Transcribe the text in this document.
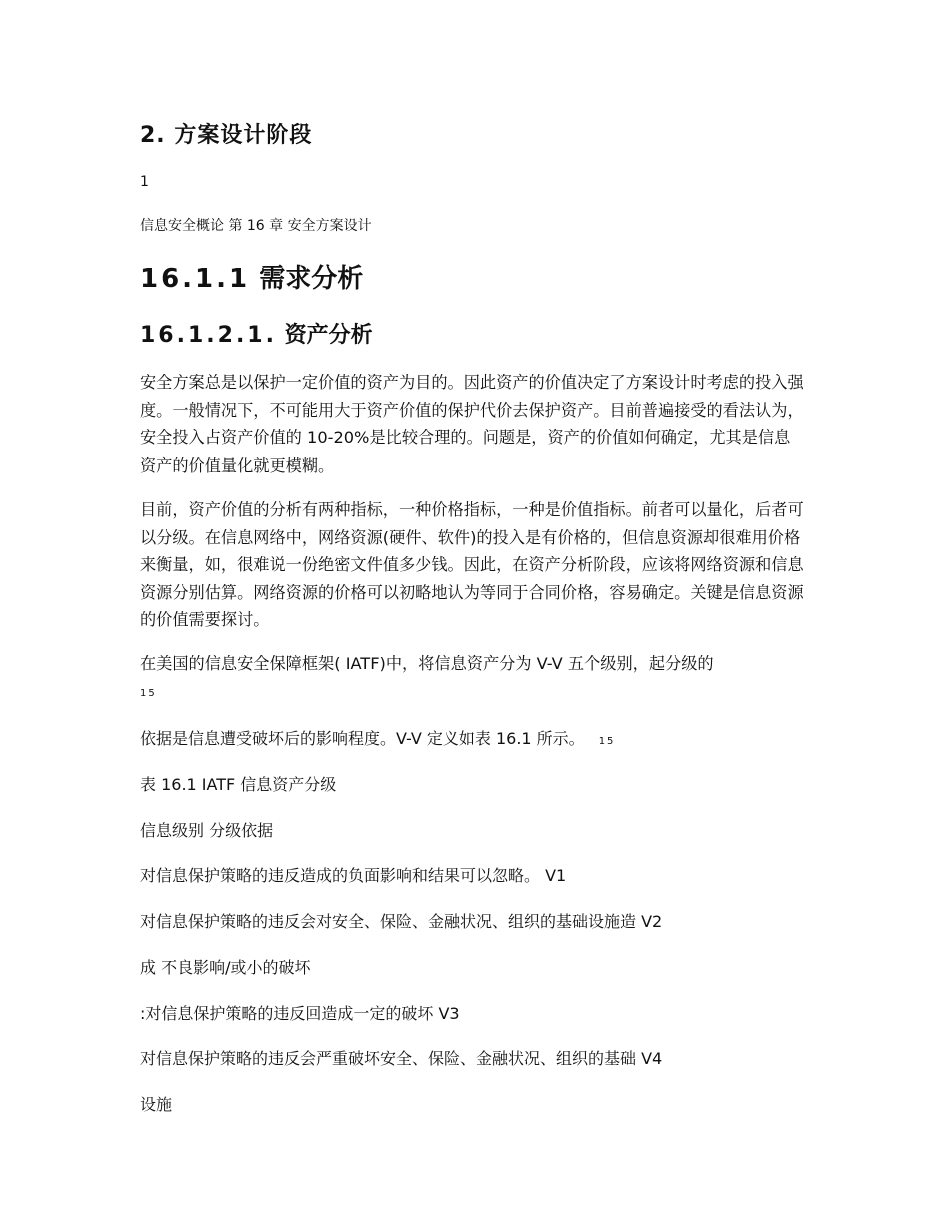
2. 方案设计阶段
1
信息安全概论 第 16 章 安全方案设计
16.1.1 需求分析
16.1.2.1. 资产分析

安全方案总是以保护一定价值的资产为目的。因此资产的价值决定了方案设计时考虑的投入强度。一般情况下，不可能用大于资产价值的保护代价去保护资产。目前普遍接受的看法认为，安全投入占资产价值的 10-20%是比较合理的。问题是，资产的价值如何确定，尤其是信息资产的价值量化就更模糊。

目前，资产价值的分析有两种指标，一种价格指标，一种是价值指标。前者可以量化，后者可以分级。在信息网络中，网络资源(硬件、软件)的投入是有价格的，但信息资源却很难用价格来衡量，如，很难说一份绝密文件值多少钱。因此，在资产分析阶段，应该将网络资源和信息资源分别估算。网络资源的价格可以初略地认为等同于合同价格，容易确定。关键是信息资源的价值需要探讨。

在美国的信息安全保障框架( IATF)中，将信息资产分为 V-V 五个级别，起分级的

15
依据是信息遭受破坏后的影响程度。V-V 定义如表 16.1 所示。 15
表 16.1 IATF 信息资产分级
信息级别 分级依据
对信息保护策略的违反造成的负面影响和结果可以忽略。 V1
对信息保护策略的违反会对安全、保险、金融状况、组织的基础设施造 V2
成 不良影响/或小的破坏
:对信息保护策略的违反回造成一定的破坏 V3
对信息保护策略的违反会严重破坏安全、保险、金融状况、组织的基础 V4
设施
